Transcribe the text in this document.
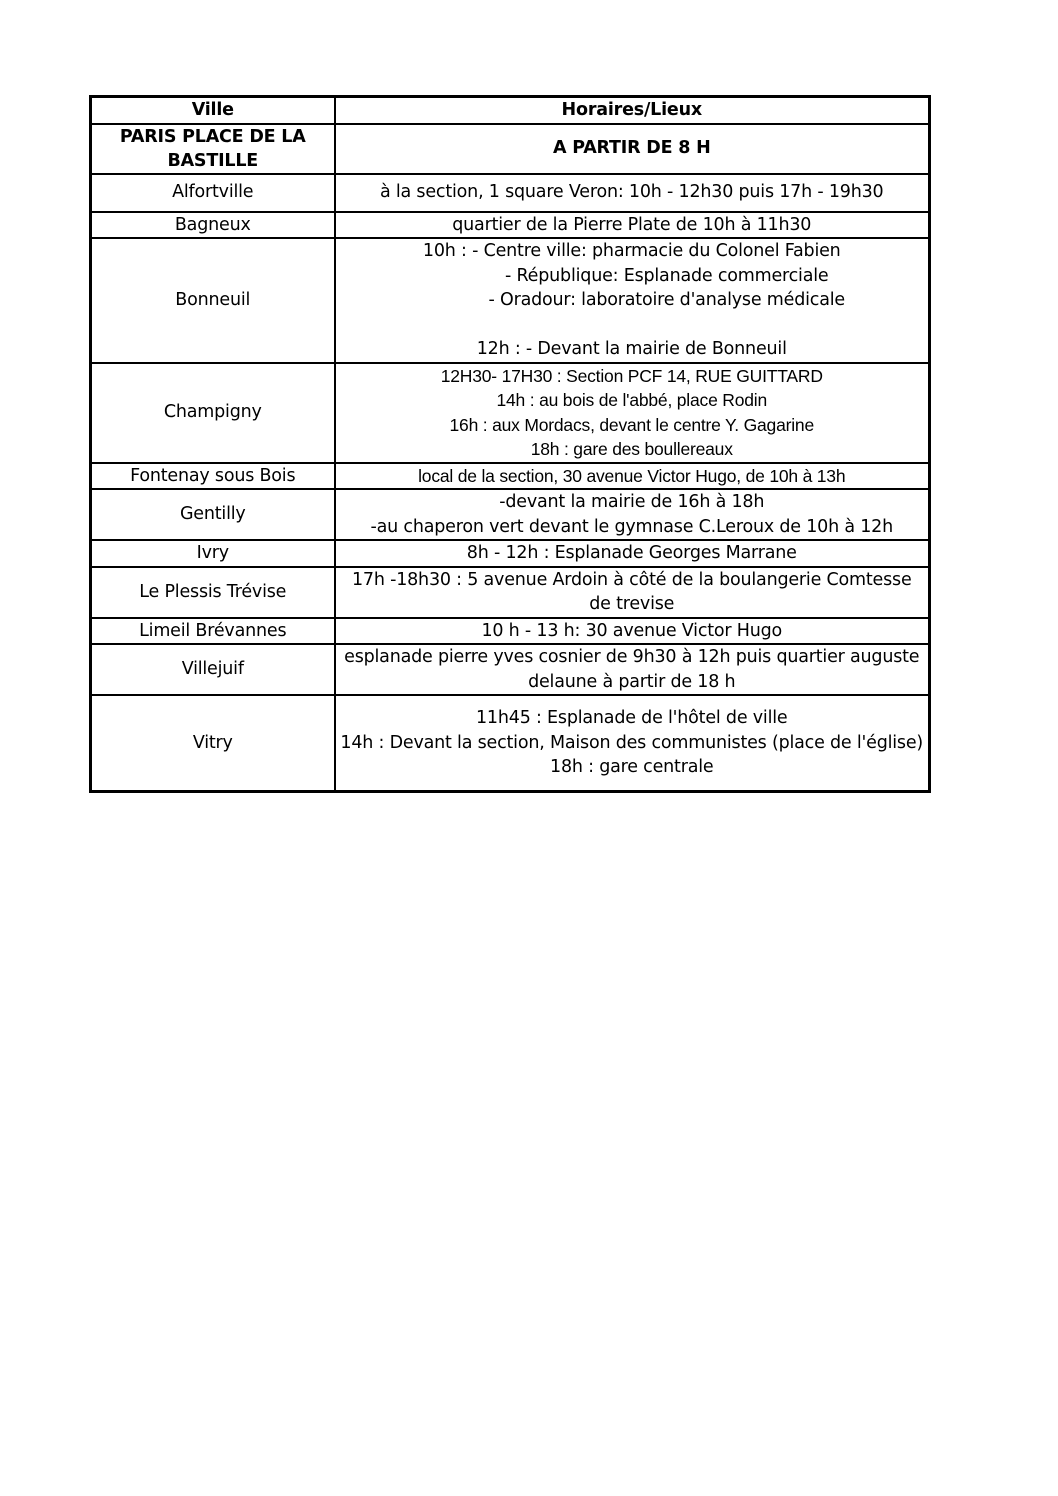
Ville	Horaires/Lieux

PARIS PLACE DE LA BASTILLE	A PARTIR DE 8 H

Alfortville	à la section, 1 square Veron: 10h - 12h30 puis 17h - 19h30

Bagneux	quartier de la Pierre Plate de 10h à 11h30

Bonneuil	10h : - Centre ville: pharmacie du Colonel Fabien
- République: Esplanade commerciale
- Oradour: laboratoire d'analyse médicale
12h : - Devant la mairie de Bonneuil

Champigny	12H30- 17H30 : Section PCF 14, RUE GUITTARD
14h : au bois de l'abbé, place Rodin
16h : aux Mordacs, devant le centre Y. Gagarine
18h : gare des boullereaux

Fontenay sous Bois	local de la section, 30 avenue Victor Hugo, de 10h à 13h

Gentilly	-devant la mairie de 16h à 18h
-au chaperon vert devant le gymnase C.Leroux de 10h à 12h

Ivry	8h - 12h : Esplanade Georges Marrane

Le Plessis Trévise	17h -18h30 : 5 avenue Ardoin à côté de la boulangerie Comtesse
de trevise

Limeil Brévannes	10 h - 13 h: 30 avenue Victor Hugo

Villejuif	esplanade pierre yves cosnier de 9h30 à 12h puis quartier auguste
delaune à partir de 18 h

Vitry	11h45 : Esplanade de l'hôtel de ville
14h : Devant la section, Maison des communistes (place de l'église)
18h : gare centrale
